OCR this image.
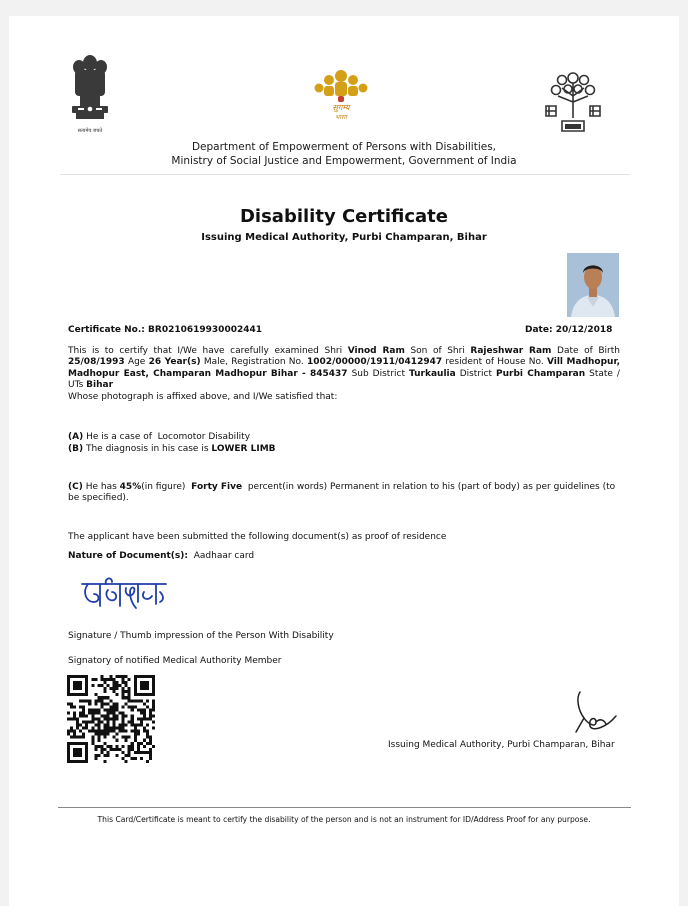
सत्यमेव जयते
सुगम्य
भारत
Department of Empowerment of Persons with Disabilities,
Ministry of Social Justice and Empowerment, Government of India
Disability Certificate
Issuing Medical Authority, Purbi Champaran, Bihar
Certificate No.: BR0210619930002441	Date: 20/12/2018
This is to certify that I/We have carefully examined Shri Vinod Ram Son of Shri Rajeshwar Ram Date of Birth 25/08/1993 Age 26 Year(s) Male, Registration No. 1002/00000/1911/0412947 resident of House No. Vill Madhopur, Madhopur East, Champaran Madhopur Bihar - 845437 Sub District Turkaulia District Purbi Champaran State / UTs Bihar
Whose photograph is affixed above, and I/We satisfied that:
(A) He is a case of Locomotor Disability
(B) The diagnosis in his case is LOWER LIMB
(C) He has 45%(in figure) Forty Five percent(in words) Permanent in relation to his (part of body) as per guidelines (to be specified).
The applicant have been submitted the following document(s) as proof of residence
Nature of Document(s): Aadhaar card
Signature / Thumb impression of the Person With Disability
Signatory of notified Medical Authority Member
Issuing Medical Authority, Purbi Champaran, Bihar
This Card/Certificate is meant to certify the disability of the person and is not an instrument for ID/Address Proof for any purpose.
